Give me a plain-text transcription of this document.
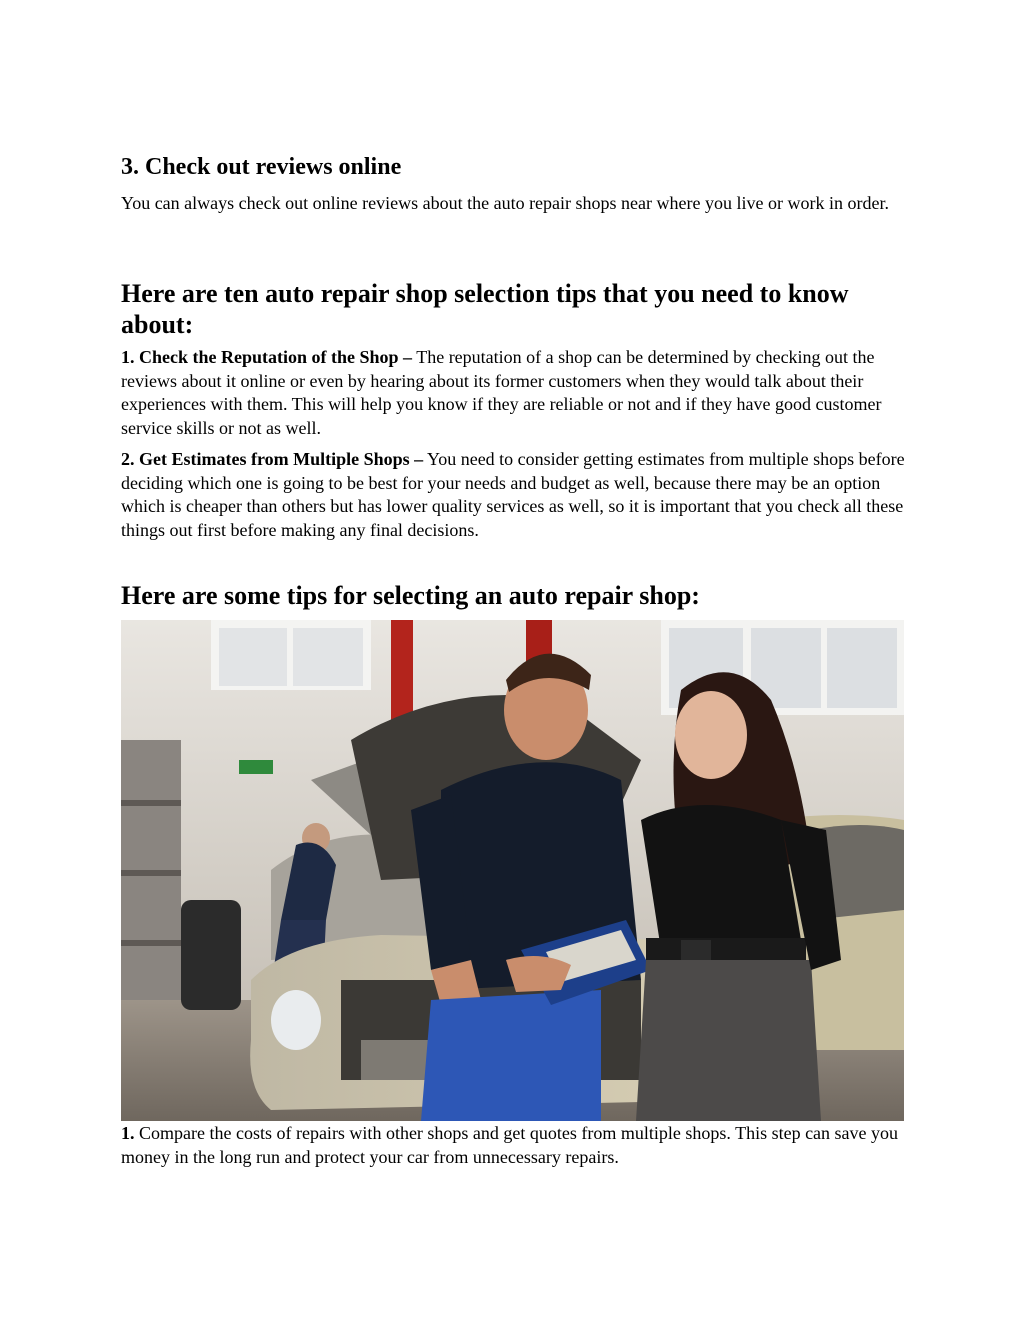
3. Check out reviews online

You can always check out online reviews about the auto repair shops near where you live or work in order.

Here are ten auto repair shop selection tips that you need to know about:

1. Check the Reputation of the Shop – The reputation of a shop can be determined by checking out the reviews about it online or even by hearing about its former customers when they would talk about their experiences with them. This will help you know if they are reliable or not and if they have good customer service skills or not as well.

2. Get Estimates from Multiple Shops – You need to consider getting estimates from multiple shops before deciding which one is going to be best for your needs and budget as well, because there may be an option which is cheaper than others but has lower quality services as well, so it is important that you check all these things out first before making any final decisions.

Here are some tips for selecting an auto repair shop:

1. Compare the costs of repairs with other shops and get quotes from multiple shops. This step can save you money in the long run and protect your car from unnecessary repairs.
